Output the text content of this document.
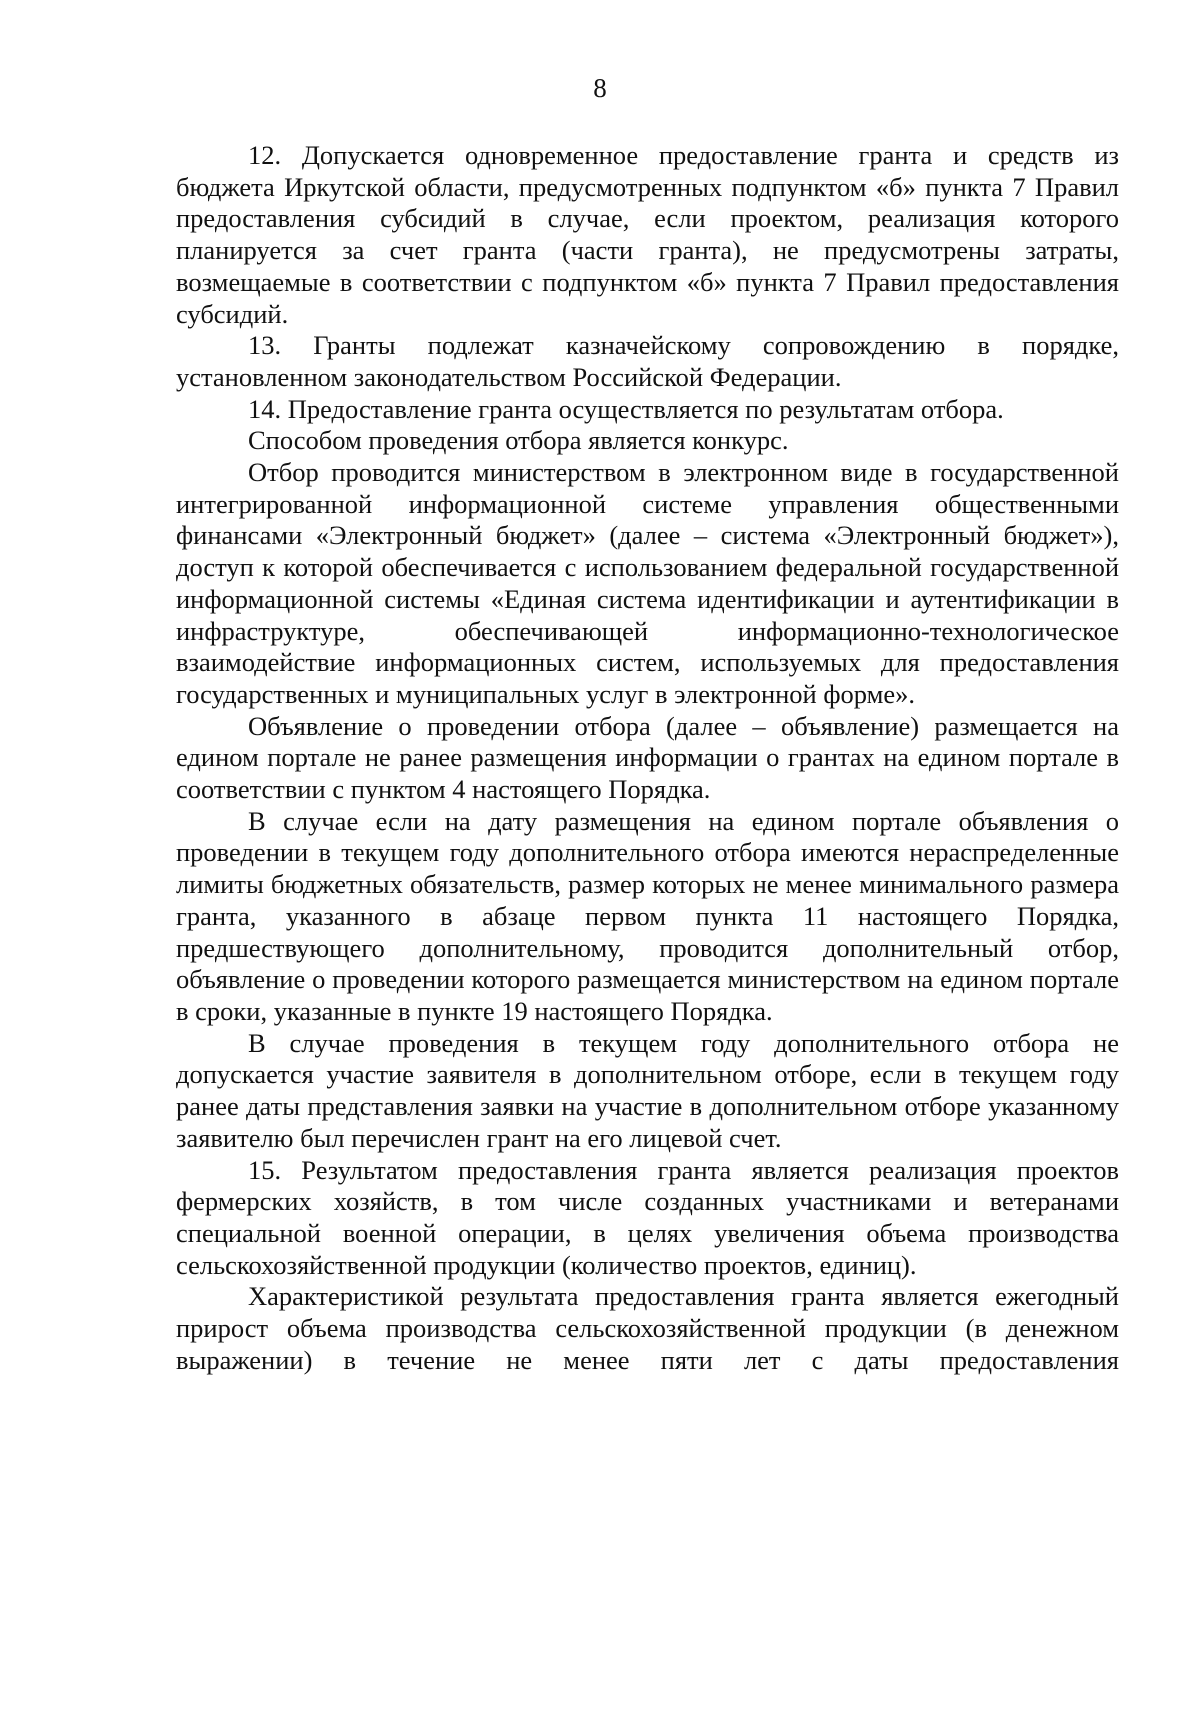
8

12. Допускается одновременное предоставление гранта и средств из бюджета Иркутской области, предусмотренных подпунктом «б» пункта 7 Правил предоставления субсидий в случае, если проектом, реализация которого планируется за счет гранта (части гранта), не предусмотрены затраты, возмещаемые в соответствии с подпунктом «б» пункта 7 Правил предоставления субсидий.

13. Гранты подлежат казначейскому сопровождению в порядке, установленном законодательством Российской Федерации.

14. Предоставление гранта осуществляется по результатам отбора.

Способом проведения отбора является конкурс.

Отбор проводится министерством в электронном виде в государственной интегрированной информационной системе управления общественными финансами «Электронный бюджет» (далее – система «Электронный бюджет»), доступ к которой обеспечивается с использованием федеральной государственной информационной системы «Единая система идентификации и аутентификации в инфраструктуре, обеспечивающей информационно-технологическое взаимодействие информационных систем, используемых для предоставления государственных и муниципальных услуг в электронной форме».

Объявление о проведении отбора (далее – объявление) размещается на едином портале не ранее размещения информации о грантах на едином портале в соответствии с пунктом 4 настоящего Порядка.

В случае если на дату размещения на едином портале объявления о проведении в текущем году дополнительного отбора имеются нераспределенные лимиты бюджетных обязательств, размер которых не менее минимального размера гранта, указанного в абзаце первом пункта 11 настоящего Порядка, предшествующего дополнительному, проводится дополнительный отбор, объявление о проведении которого размещается министерством на едином портале в сроки, указанные в пункте 19 настоящего Порядка.

В случае проведения в текущем году дополнительного отбора не допускается участие заявителя в дополнительном отборе, если в текущем году ранее даты представления заявки на участие в дополнительном отборе указанному заявителю был перечислен грант на его лицевой счет.

15. Результатом предоставления гранта является реализация проектов фермерских хозяйств, в том числе созданных участниками и ветеранами специальной военной операции, в целях увеличения объема производства сельскохозяйственной продукции (количество проектов, единиц).

Характеристикой результата предоставления гранта является ежегодный прирост объема производства сельскохозяйственной продукции (в денежном выражении) в течение не менее пяти лет с даты предоставления
